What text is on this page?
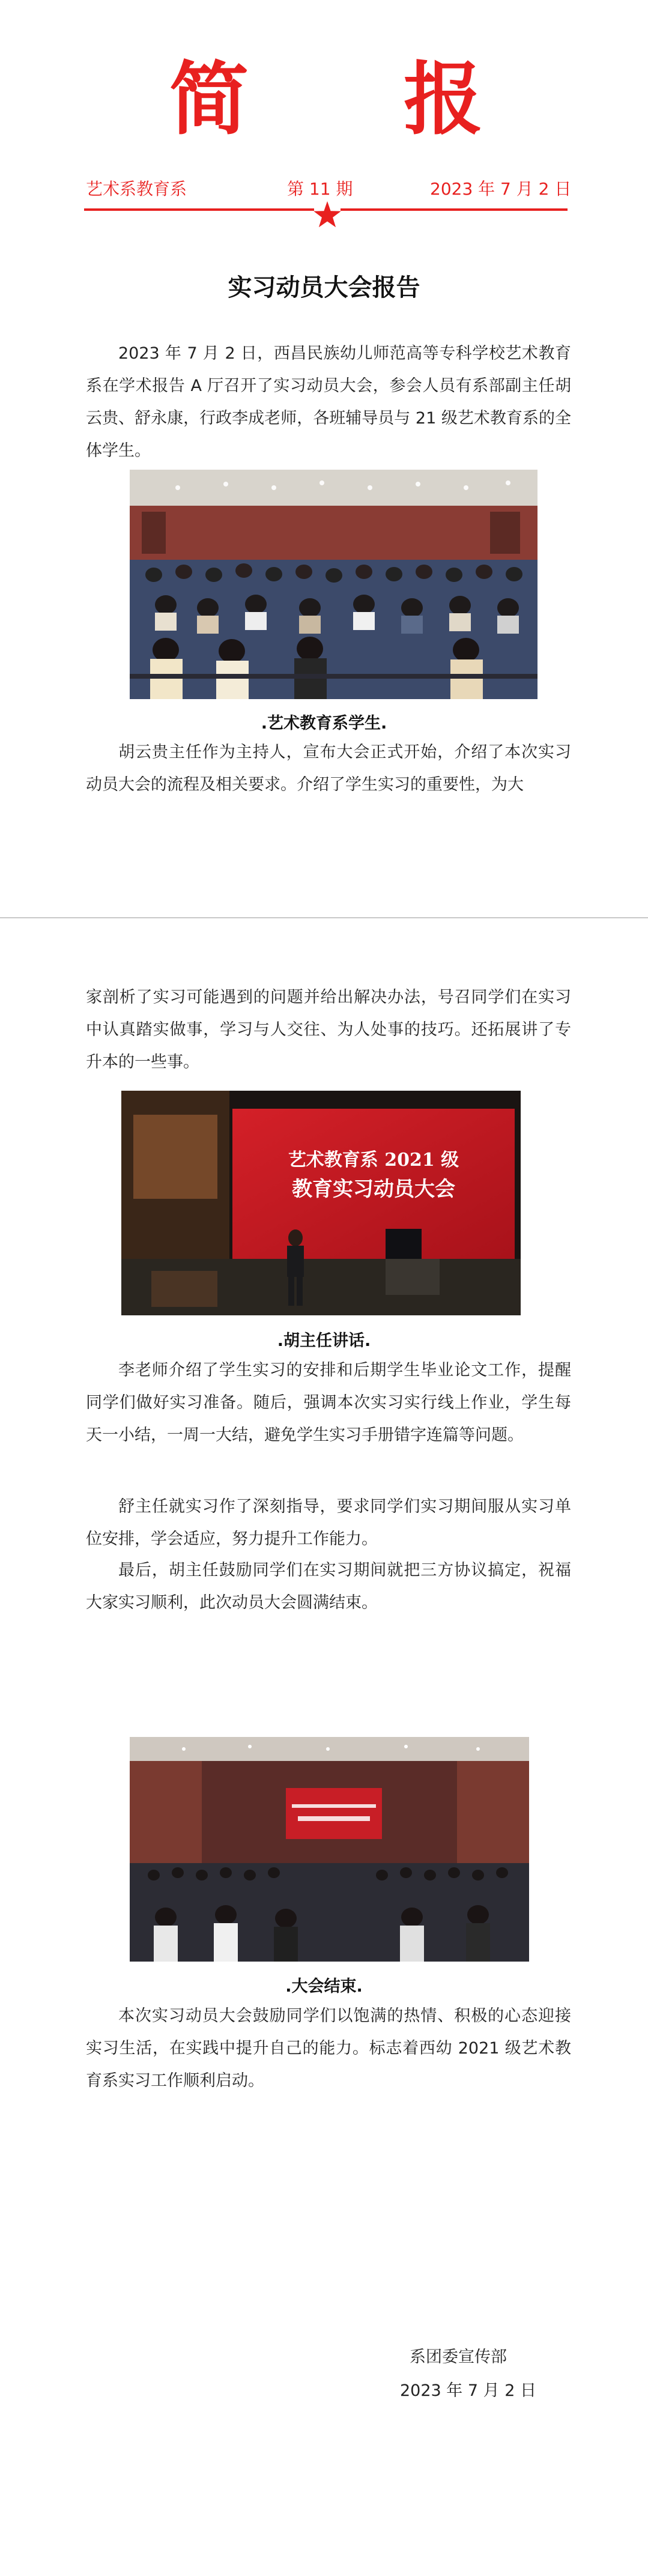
简 报
艺术系教育系	第 11 期	2023 年 7 月 2 日
实习动员大会报告

2023 年 7 月 2 日，西昌民族幼儿师范高等专科学校艺术教育系在学术报告 A 厅召开了实习动员大会，参会人员有系部副主任胡云贵、舒永康，行政李成老师，各班辅导员与 21 级艺术教育系的全体学生。

.艺术教育系学生.

胡云贵主任作为主持人，宣布大会正式开始，介绍了本次实习动员大会的流程及相关要求。介绍了学生实习的重要性，为大

家剖析了实习可能遇到的问题并给出解决办法，号召同学们在实习中认真踏实做事，学习与人交往、为人处事的技巧。还拓展讲了专升本的一些事。

艺术教育系 2021 级
教育实习动员大会
.胡主任讲话.

李老师介绍了学生实习的安排和后期学生毕业论文工作，提醒同学们做好实习准备。随后，强调本次实习实行线上作业，学生每天一小结，一周一大结，避免学生实习手册错字连篇等问题。

舒主任就实习作了深刻指导，要求同学们实习期间服从实习单位安排，学会适应，努力提升工作能力。

最后，胡主任鼓励同学们在实习期间就把三方协议搞定，祝福大家实习顺利，此次动员大会圆满结束。

.大会结束.

本次实习动员大会鼓励同学们以饱满的热情、积极的心态迎接实习生活，在实践中提升自己的能力。标志着西幼 2021 级艺术教育系实习工作顺利启动。

系团委宣传部
2023 年 7 月 2 日
